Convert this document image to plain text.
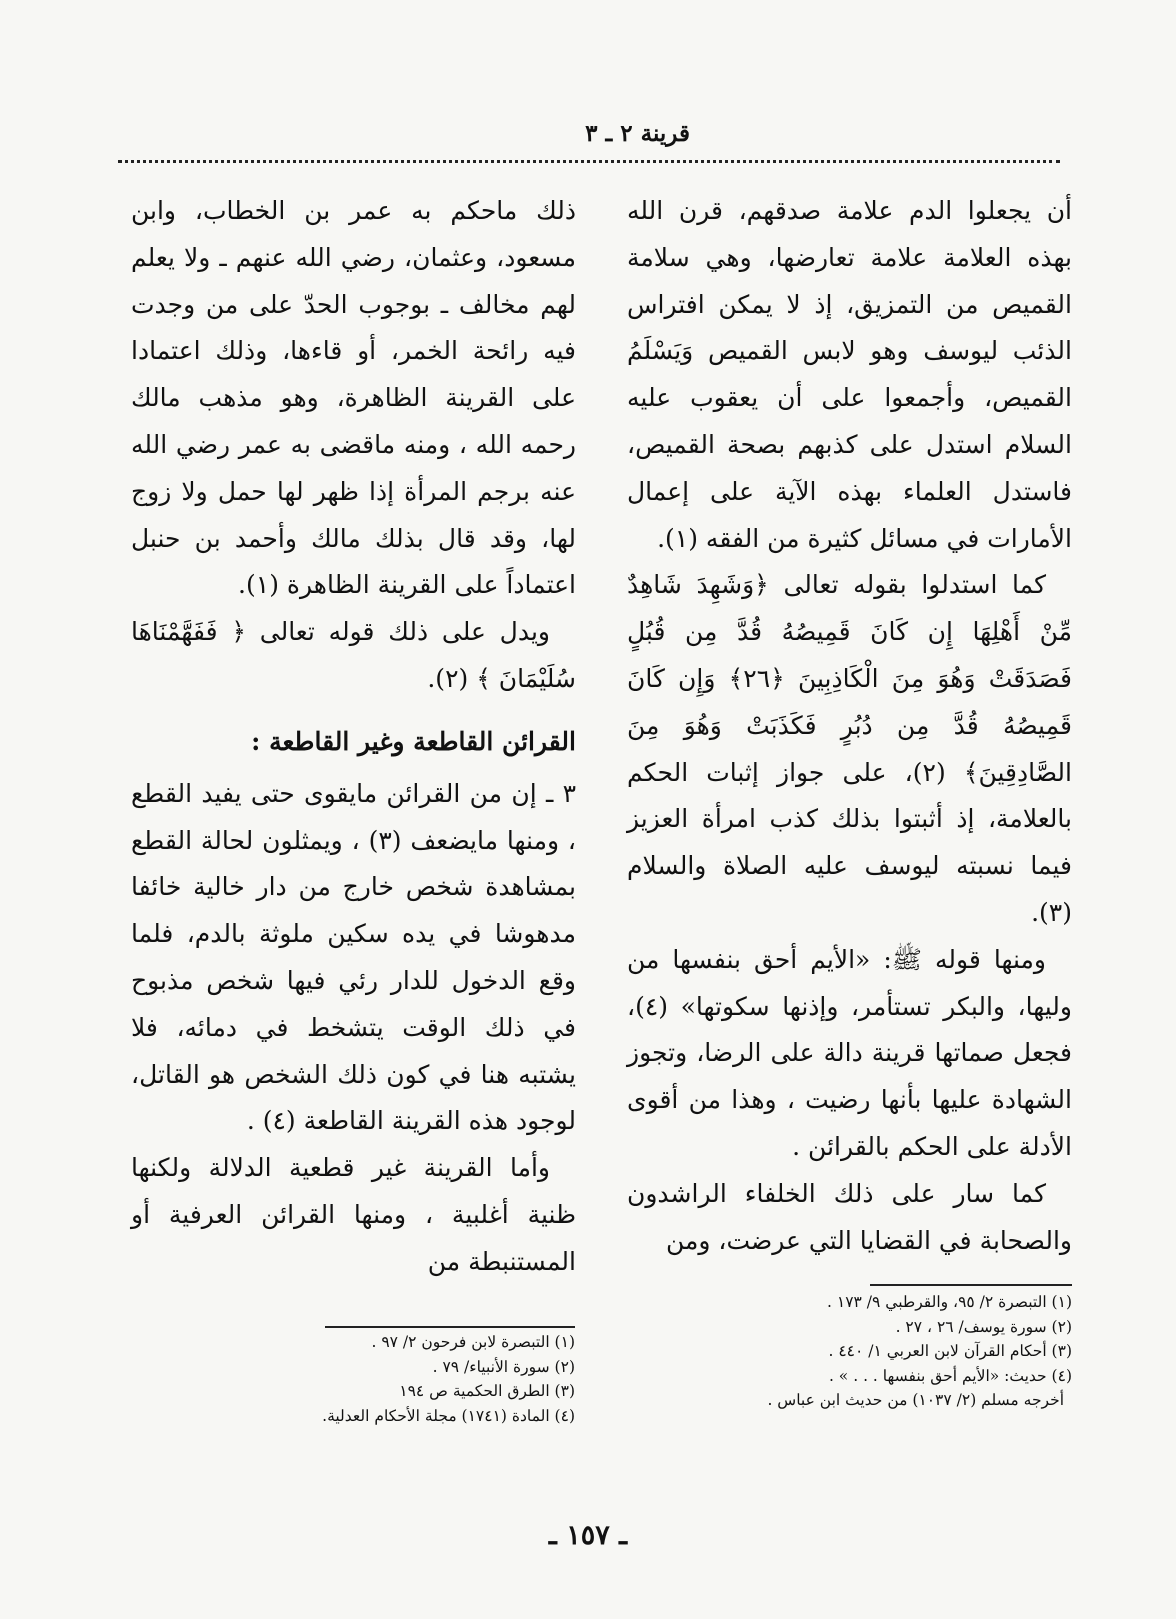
قرينة ٢ ـ ٣

أن يجعلوا الدم علامة صدقهم، قرن الله بهذه العلامة علامة تعارضها، وهي سلامة القميص من التمزيق، إذ لا يمكن افتراس الذئب ليوسف وهو لابس القميص وَيَسْلَمُ القميص، وأجمعوا على أن يعقوب عليه السلام استدل على كذبهم بصحة القميص، فاستدل العلماء بهذه الآية على إعمال الأمارات في مسائل كثيرة من الفقه (١).

كما استدلوا بقوله تعالى ﴿وَشَهِدَ شَاهِدٌ مِّنْ أَهْلِهَا إِن كَانَ قَمِيصُهُ قُدَّ مِن قُبُلٍ فَصَدَقَتْ وَهُوَ مِنَ الْكَاذِبِينَ ﴿٢٦﴾ وَإِن كَانَ قَمِيصُهُ قُدَّ مِن دُبُرٍ فَكَذَبَتْ وَهُوَ مِنَ الصَّادِقِينَ﴾ (٢)، على جواز إثبات الحكم بالعلامة، إذ أثبتوا بذلك كذب امرأة العزيز فيما نسبته ليوسف عليه الصلاة والسلام (٣).

ومنها قوله ﷺ: «الأيم أحق بنفسها من وليها، والبكر تستأمر، وإذنها سكوتها» (٤)، فجعل صماتها قرينة دالة على الرضا، وتجوز الشهادة عليها بأنها رضيت ، وهذا من أقوى الأدلة على الحكم بالقرائن .

كما سار على ذلك الخلفاء الراشدون والصحابة في القضايا التي عرضت، ومن

ذلك ماحكم به عمر بن الخطاب، وابن مسعود، وعثمان، رضي الله عنهم ـ ولا يعلم لهم مخالف ـ بوجوب الحدّ على من وجدت فيه رائحة الخمر، أو قاءها، وذلك اعتمادا على القرينة الظاهرة، وهو مذهب مالك رحمه الله ، ومنه ماقضى به عمر رضي الله عنه برجم المرأة إذا ظهر لها حمل ولا زوج لها، وقد قال بذلك مالك وأحمد بن حنبل اعتماداً على القرينة الظاهرة (١).

ويدل على ذلك قوله تعالى ﴿ فَفَهَّمْنَاهَا سُلَيْمَانَ ﴾ (٢).

القرائن القاطعة وغير القاطعة :

٣ ـ إن من القرائن مايقوى حتى يفيد القطع ، ومنها مايضعف (٣) ، ويمثلون لحالة القطع بمشاهدة شخص خارج من دار خالية خائفا مدهوشا في يده سكين ملوثة بالدم، فلما وقع الدخول للدار رئي فيها شخص مذبوح في ذلك الوقت يتشخط في دمائه، فلا يشتبه هنا في كون ذلك الشخص هو القاتل، لوجود هذه القرينة القاطعة (٤) .

وأما القرينة غير قطعية الدلالة ولكنها ظنية أغلبية ، ومنها القرائن العرفية أو المستنبطة من

(١) التبصرة ٢/ ٩٥، والقرطبي ٩/ ١٧٣ .
(٢) سورة يوسف/ ٢٦ ، ٢٧ .
(٣) أحكام القرآن لابن العربي ١/ ٤٤٠ .
(٤) حديث: «الأيم أحق بنفسها . . . » .
أخرجه مسلم (٢/ ١٠٣٧) من حديث ابن عباس .
(١) التبصرة لابن فرحون ٢/ ٩٧ .
(٢) سورة الأنبياء/ ٧٩ .
(٣) الطرق الحكمية ص ١٩٤
(٤) المادة (١٧٤١) مجلة الأحكام العدلية.
ـ ١٥٧ ـ
